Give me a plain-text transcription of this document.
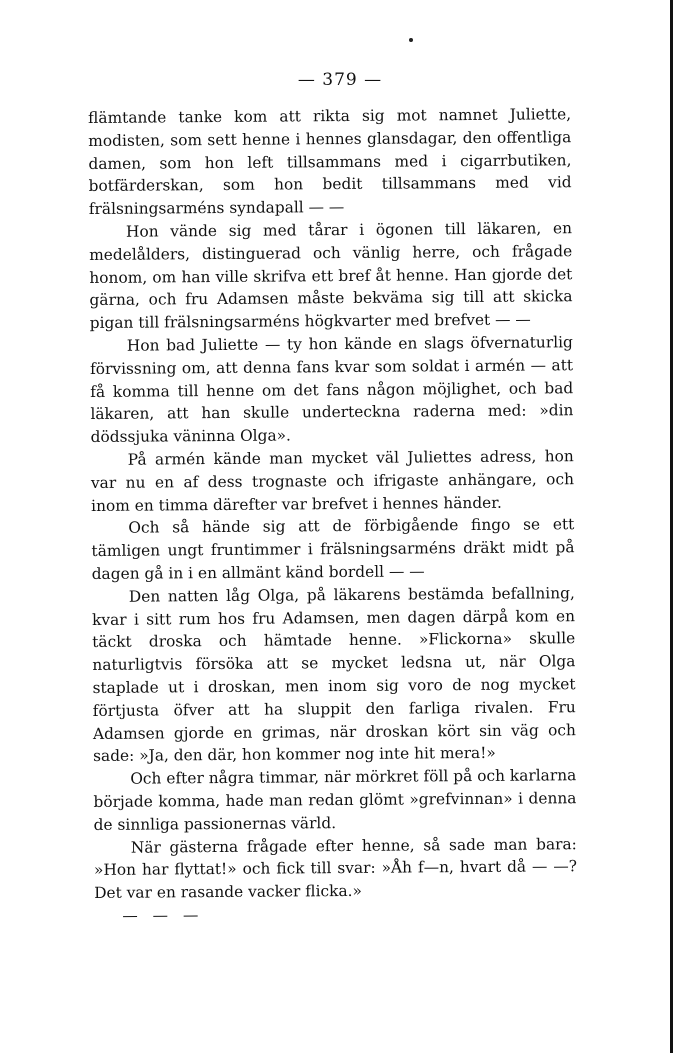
— 379 —

flämtande tanke kom att rikta sig mot namnet Juliette, modisten, som sett henne i hennes glansdagar, den offentliga damen, som hon left tillsammans med i cigarrbutiken, botfärderskan, som hon bedit tillsammans med vid frälsningsarméns syndapall — —

Hon vände sig med tårar i ögonen till läkaren, en medelålders, distinguerad och vänlig herre, och frågade honom, om han ville skrifva ett bref åt henne. Han gjorde det gärna, och fru Adamsen måste bekväma sig till att skicka pigan till frälsningsarméns högkvarter med brefvet — —

Hon bad Juliette — ty hon kände en slags öfvernaturlig förvissning om, att denna fans kvar som soldat i armén — att få komma till henne om det fans någon möjlighet, och bad läkaren, att han skulle underteckna raderna med: »din dödssjuka väninna Olga».

På armén kände man mycket väl Juliettes adress, hon var nu en af dess trognaste och ifrigaste anhängare, och inom en timma därefter var brefvet i hennes händer.

Och så hände sig att de förbigående fingo se ett tämligen ungt fruntimmer i frälsningsarméns dräkt midt på dagen gå in i en allmänt känd bordell — —

Den natten låg Olga, på läkarens bestämda befallning, kvar i sitt rum hos fru Adamsen, men dagen därpå kom en täckt droska och hämtade henne. »Flickorna» skulle naturligtvis försöka att se mycket ledsna ut, när Olga staplade ut i droskan, men inom sig voro de nog mycket förtjusta öfver att ha sluppit den farliga rivalen. Fru Adamsen gjorde en grimas, när droskan kört sin väg och sade: »Ja, den där, hon kommer nog inte hit mera!»

Och efter några timmar, när mörkret föll på och karlarna började komma, hade man redan glömt »grefvinnan» i denna de sinnliga passionernas värld.

När gästerna frågade efter henne, så sade man bara: »Hon har flyttat!» och fick till svar: »Åh f—n, hvart då — —? Det var en rasande vacker flicka.»

— — —
